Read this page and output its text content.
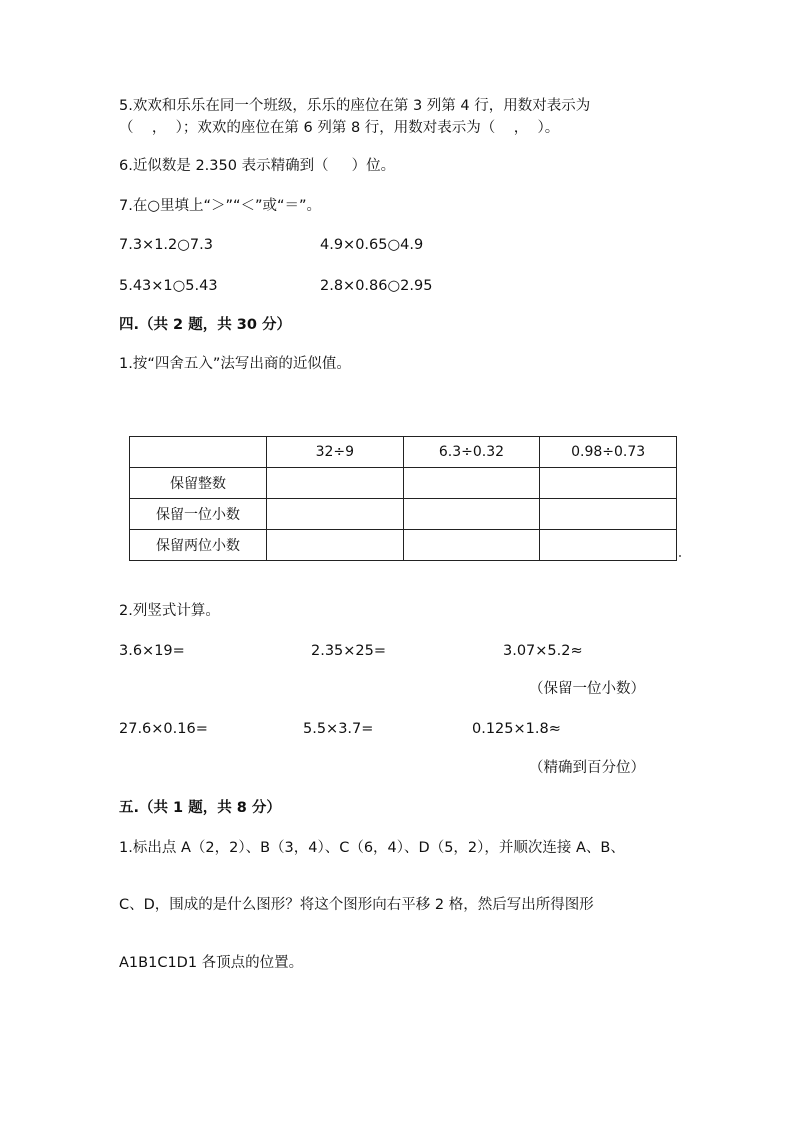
5.欢欢和乐乐在同一个班级，乐乐的座位在第 3 列第 4 行，用数对表示为
（    ，  ）；欢欢的座位在第 6 列第 8 行，用数对表示为（    ，  ）。
6.近似数是 2.350 表示精确到（     ）位。
7.在○里填上“＞”“＜”或“＝”。
7.3×1.2○7.3	4.9×0.65○4.9
5.43×1○5.43	2.8×0.86○2.95
四.（共 2 题，共 30 分）
1.按“四舍五入”法写出商的近似值。
	32÷9	6.3÷0.32	0.98÷0.73
保留整数			
保留一位小数			
保留两位小数			
2.列竖式计算。
3.6×19=	2.35×25=	3.07×5.2≈
（保留一位小数）
27.6×0.16=	5.5×3.7=	0.125×1.8≈
（精确到百分位）
五.（共 1 题，共 8 分）
1.标出点 A（2，2）、B（3，4）、C（6，4）、D（5，2），并顺次连接 A、B、
C、D，围成的是什么图形？将这个图形向右平移 2 格，然后写出所得图形
A1B1C1D1 各顶点的位置。
